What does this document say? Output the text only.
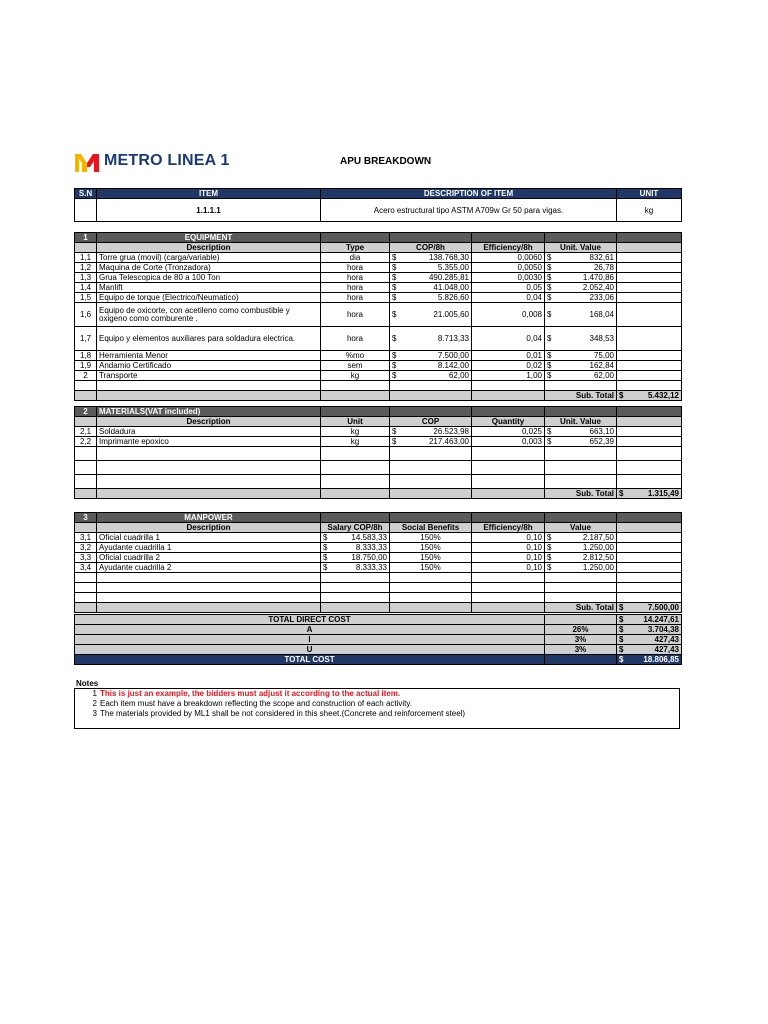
METRO LINEA 1	APU BREAKDOWN
S.N	ITEM	DESCRIPTION OF ITEM	UNIT
	1.1.1.1	Acero estructural tipo ASTM A709w Gr 50 para vigas.	kg
1	EQUIPMENT					
	Description	Type	COP/8h	Efficiency/8h	Unit. Value	
1,1	Torre grua (movil) (carga/variable)	dia	$ 138.768,30	0,0060	$ 832,61	

1,2	Maquina de Corte (Tronzadora)	hora	$ 5.355,00	0,0050	$ 26,78	

1,3	Grua Telescopica de 80 a 100 Ton	hora	$ 490.285,81	0,0030	$ 1.470,86	

1,4	Manlift	hora	$ 41.048,00	0,05	$ 2.052,40	

1,5	Equipo de torque (Electrico/Neumatico)	hora	$ 5.826,60	0,04	$ 233,06	

1,6	Equipo de oxicorte, con acetileno como combustible y oxigeno como comburente .	hora	$ 21.005,60	0,008	$ 168,04	

1,7	Equipo y elementos auxiliares para soldadura electrica.	hora	$ 8.713,33	0,04	$ 348,53	

1,8	Herramienta Menor	%mo	$ 7.500,00	0,01	$ 75,00	

1,9	Andamio Certificado	sem	$ 8.142,00	0,02	$ 162,84	

2	Transporte	kg	$ 62,00	1,00	$ 62,00	

					Sub. Total	$ 5.432,12
2	MATERIALS(VAT included)					
	Description	Unit	COP	Quantity	Unit. Value	
2,1	Soldadura	kg	$ 26.523,98	0,025	$ 663,10	

2,2	Imprimante epoxico	kg	$ 217.463,00	0,003	$ 652,39	

					Sub. Total	$ 1.315,49
3	MANPOWER					
	Description	Salary COP/8h	Social Benefits	Efficiency/8h	Value	
3,1	Oficial cuadrilla 1	$ 14.583,33	150%	0,10	$ 2.187,50	

3,2	Ayudante cuadrilla 1	$ 8.333,33	150%	0,10	$ 1.250,00	

3,3	Oficial cuadrilla 2	$ 18.750,00	150%	0,10	$ 2.812,50	

3,4	Ayudante cuadrilla 2	$ 8.333,33	150%	0,10	$ 1.250,00	

					Sub. Total	$ 7.500,00
TOTAL DIRECT COST		$ 14.247,61

A	26%	$ 3.704,38

I	3%	$ 427,43

U	3%	$ 427,43

TOTAL COST		$ 18.806,85
Notes
1 This is just an example, the bidders must adjust it according to the actual item.
2 Each item must have a breakdown reflecting the scope and construction of each activity.
3 The materials provided by ML1 shall be not considered in this sheet.(Concrete and reinforcement steel)
